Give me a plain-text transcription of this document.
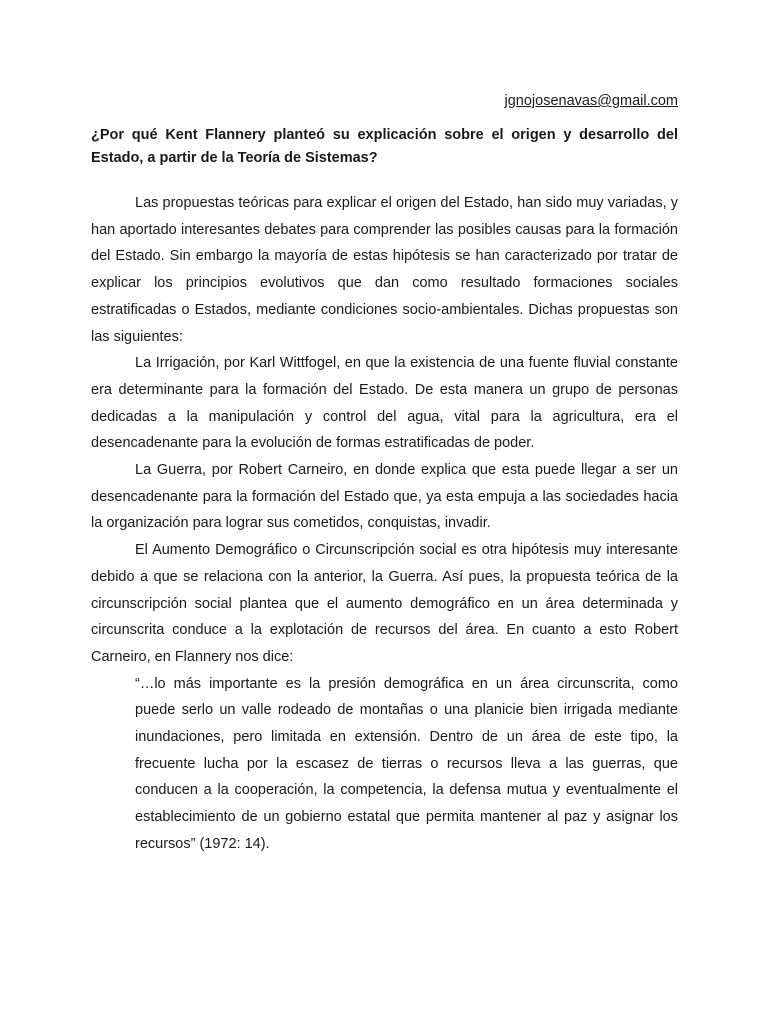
jgnojosenavas@gmail.com

¿Por qué Kent Flannery planteó su explicación sobre el origen y desarrollo del Estado, a partir de la Teoría de Sistemas?

Las propuestas teóricas para explicar el origen del Estado, han sido muy variadas, y han aportado interesantes debates para comprender las posibles causas para la formación del Estado. Sin embargo la mayoría de estas hipótesis se han caracterizado por tratar de explicar los principios evolutivos que dan como resultado formaciones sociales estratificadas o Estados, mediante condiciones socio-ambientales. Dichas propuestas son las siguientes:

La Irrigación, por Karl Wittfogel, en que la existencia de una fuente fluvial constante era determinante para la formación del Estado. De esta manera un grupo de personas dedicadas a la manipulación y control del agua, vital para la agricultura, era el desencadenante para la evolución de formas estratificadas de poder.

La Guerra, por Robert Carneiro, en donde explica que esta puede llegar a ser un desencadenante para la formación del Estado que, ya esta empuja a las sociedades hacia la organización para lograr sus cometidos, conquistas, invadir.

El Aumento Demográfico o Circunscripción social es otra hipótesis muy interesante debido a que se relaciona con la anterior, la Guerra. Así pues, la propuesta teórica de la circunscripción social plantea que el aumento demográfico en un área determinada y circunscrita conduce a la explotación de recursos del área. En cuanto a esto Robert Carneiro, en Flannery nos dice:

“…lo más importante es la presión demográfica en un área circunscrita, como puede serlo un valle rodeado de montañas o una planicie bien irrigada mediante inundaciones, pero limitada en extensión. Dentro de un área de este tipo, la frecuente lucha por la escasez de tierras o recursos lleva a las guerras, que conducen a la cooperación, la competencia, la defensa mutua y eventualmente el establecimiento de un gobierno estatal que permita mantener al paz y asignar los recursos” (1972: 14).
